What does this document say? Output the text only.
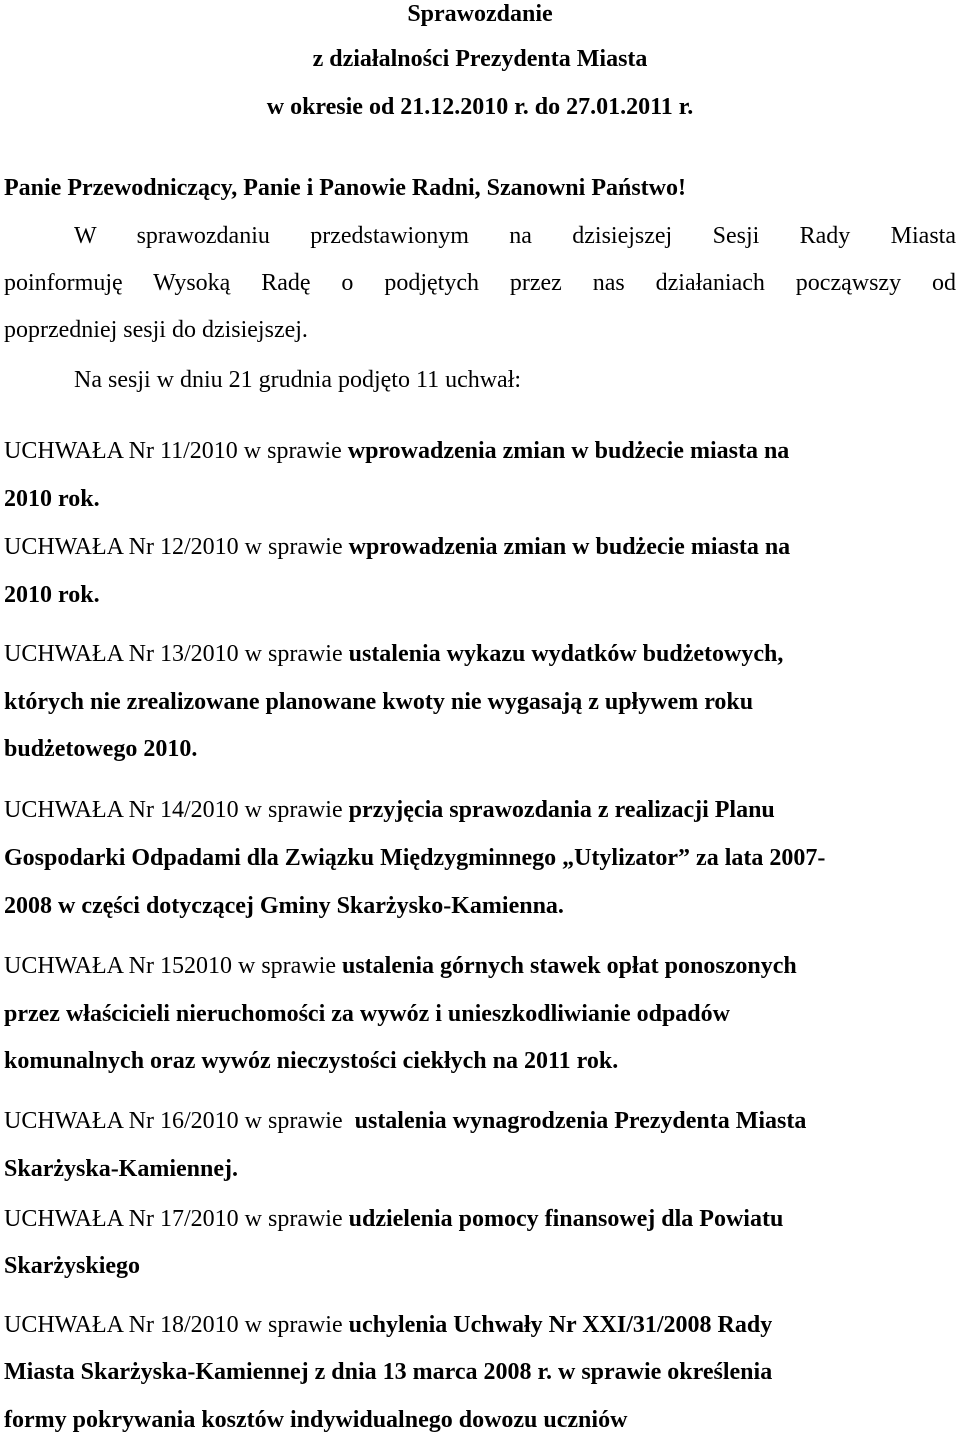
Sprawozdanie
z działalności Prezydenta Miasta
w okresie od 21.12.2010 r. do 27.01.2011 r.
Panie Przewodniczący, Panie i Panowie Radni, Szanowni Państwo!
W sprawozdaniu przedstawionym na dzisiejszej Sesji Rady Miasta
poinformuję Wysoką Radę o podjętych przez nas działaniach począwszy od
poprzedniej sesji do dzisiejszej.
Na sesji w dniu 21 grudnia podjęto 11 uchwał:
UCHWAŁA Nr 11/2010 w sprawie wprowadzenia zmian w budżecie miasta na
2010 rok.
UCHWAŁA Nr 12/2010 w sprawie wprowadzenia zmian w budżecie miasta na
2010 rok.
UCHWAŁA Nr 13/2010 w sprawie ustalenia wykazu wydatków budżetowych,
których nie zrealizowane planowane kwoty nie wygasają z upływem roku
budżetowego 2010.
UCHWAŁA Nr 14/2010 w sprawie przyjęcia sprawozdania z realizacji Planu
Gospodarki Odpadami dla Związku Międzygminnego „Utylizator” za lata 2007-
2008 w części dotyczącej Gminy Skarżysko-Kamienna.
UCHWAŁA Nr 152010 w sprawie ustalenia górnych stawek opłat ponoszonych
przez właścicieli nieruchomości za wywóz i unieszkodliwianie odpadów
komunalnych oraz wywóz nieczystości ciekłych na 2011 rok.
UCHWAŁA Nr 16/2010 w sprawie  ustalenia wynagrodzenia Prezydenta Miasta
Skarżyska-Kamiennej.
UCHWAŁA Nr 17/2010 w sprawie udzielenia pomocy finansowej dla Powiatu
Skarżyskiego
UCHWAŁA Nr 18/2010 w sprawie uchylenia Uchwały Nr XXI/31/2008 Rady
Miasta Skarżyska-Kamiennej z dnia 13 marca 2008 r. w sprawie określenia
formy pokrywania kosztów indywidualnego dowozu uczniów
